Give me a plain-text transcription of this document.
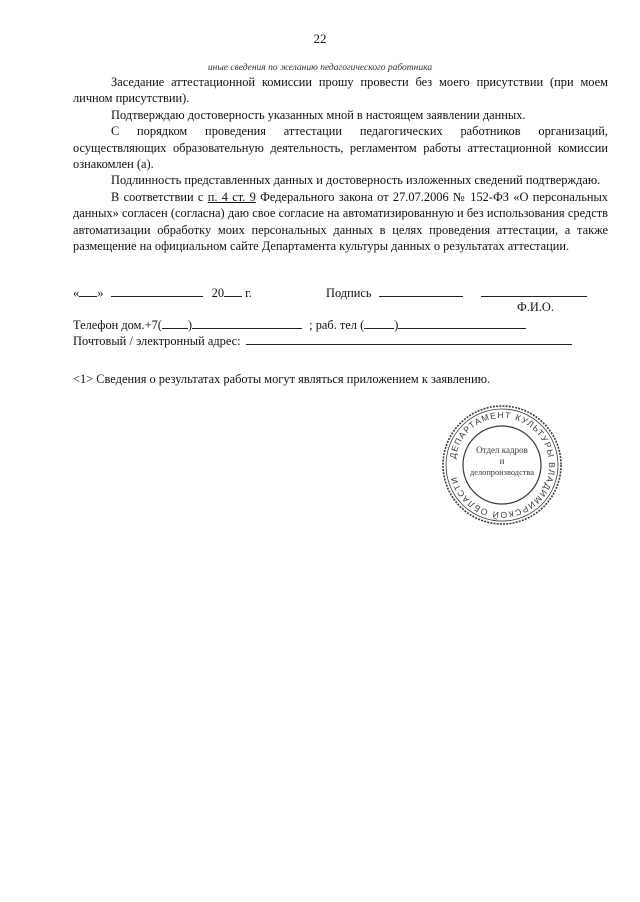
22
иные сведения по желанию педагогического работника

Заседание аттестационной комиссии прошу провести без моего присутствии (при моем личном присутствии).

Подтверждаю достоверность указанных мной в настоящем заявлении данных.

С порядком проведения аттестации педагогических работников организаций, осуществляющих образовательную деятельность, регламентом работы аттестационной комиссии ознакомлен (а).

Подлинность представленных данных и достоверность изложенных сведений подтверждаю.

В соответствии с п. 4 ст. 9 Федерального закона от 27.07.2006 № 152-ФЗ «О персональных данных» согласен (согласна) даю свое согласие на автоматизированную и без использования средств автоматизации обработку моих персональных данных в целях проведения аттестации, а также размещение на официальном сайте Департамента культуры данных о результатах аттестации.

« »	20 г.	Подпись
Ф.И.О.
Телефон дом.+7( )	; раб. тел ( )
Почтовый / электронный адрес:
<1> Сведения о результатах работы могут являться приложением к заявлению.
ДЕПАРТАМЕНТ КУЛЬТУРЫ ВЛАДИМИРСКОЙ ОБЛАСТИ
Отдел кадров
и
делопроизводства
